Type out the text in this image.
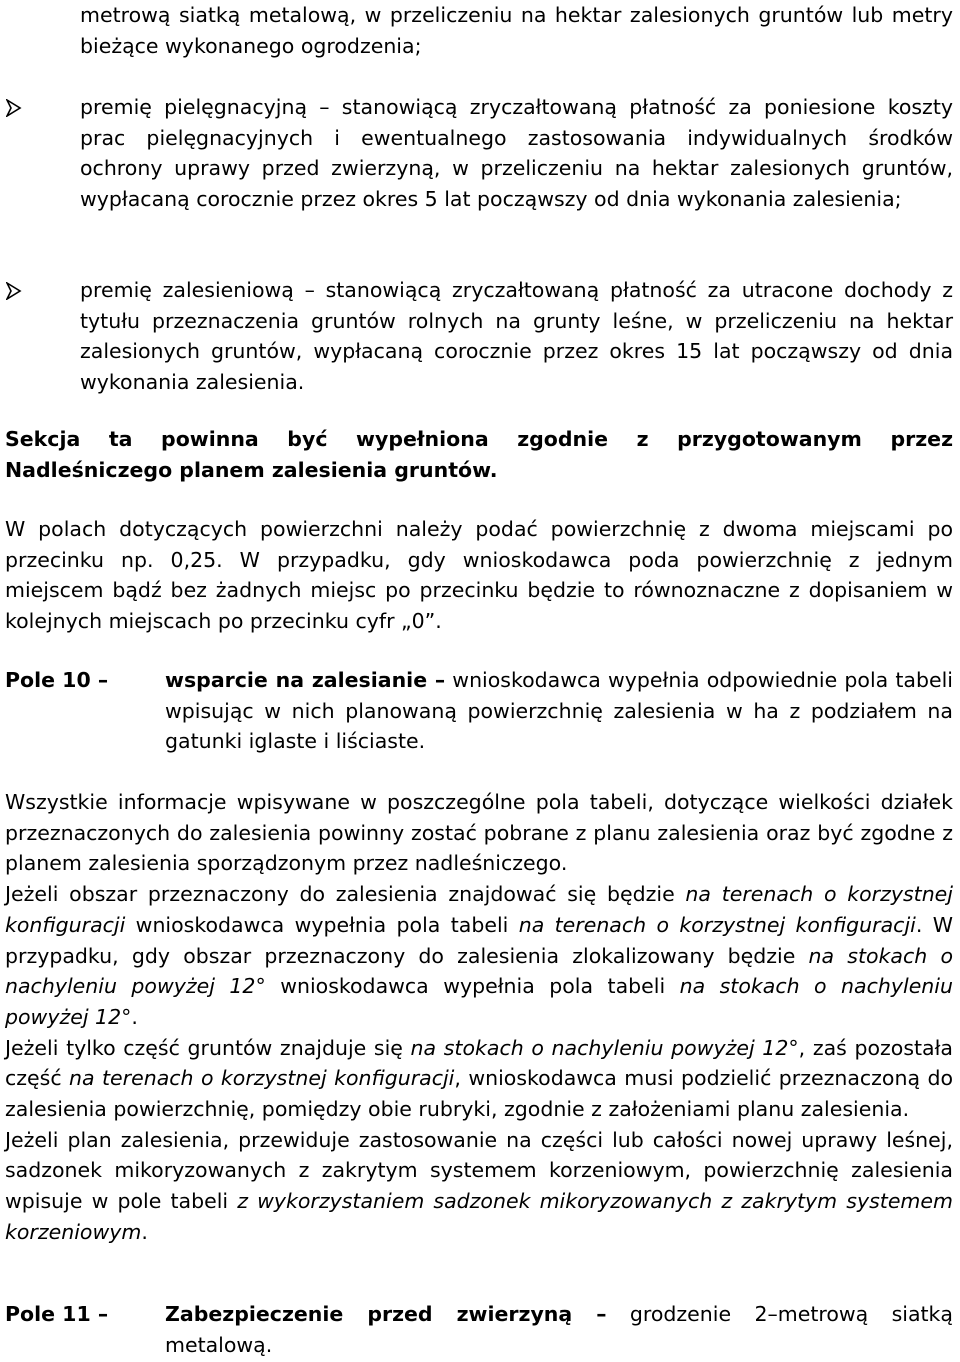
metrową siatką metalową, w przeliczeniu na hektar zalesionych gruntów lub metry bieżące wykonanego ogrodzenia;

premię pielęgnacyjną – stanowiącą zryczałtowaną płatność za poniesione koszty prac pielęgnacyjnych i ewentualnego zastosowania indywidualnych środków ochrony uprawy przed zwierzyną, w przeliczeniu na hektar zalesionych gruntów, wypłacaną corocznie przez okres 5 lat począwszy od dnia wykonania zalesienia;

premię zalesieniową – stanowiącą zryczałtowaną płatność za utracone dochody z tytułu przeznaczenia gruntów rolnych na grunty leśne, w przeliczeniu na hektar zalesionych gruntów, wypłacaną corocznie przez okres 15 lat począwszy od dnia wykonania zalesienia.

Sekcja ta powinna być wypełniona zgodnie z przygotowanym przez Nadleśniczego planem zalesienia gruntów.

W polach dotyczących powierzchni należy podać powierzchnię z dwoma miejscami po przecinku np. 0,25. W przypadku, gdy wnioskodawca poda powierzchnię z jednym miejscem bądź bez żadnych miejsc po przecinku będzie to równoznaczne z dopisaniem w kolejnych miejscach po przecinku cyfr „0”.

Pole 10 –	wsparcie na zalesianie – wnioskodawca wypełnia odpowiednie pola tabeli wpisując w nich planowaną powierzchnię zalesienia w ha z podziałem na gatunki iglaste i liściaste.

Wszystkie informacje wpisywane w poszczególne pola tabeli, dotyczące wielkości działek przeznaczonych do zalesienia powinny zostać pobrane z planu zalesienia oraz być zgodne z planem zalesienia sporządzonym przez nadleśniczego.

Jeżeli obszar przeznaczony do zalesienia znajdować się będzie na terenach o korzystnej konfiguracji wnioskodawca wypełnia pola tabeli na terenach o korzystnej konfiguracji. W przypadku, gdy obszar przeznaczony do zalesienia zlokalizowany będzie na stokach o nachyleniu powyżej 12° wnioskodawca wypełnia pola tabeli na stokach o nachyleniu powyżej 12°.

Jeżeli tylko część gruntów znajduje się na stokach o nachyleniu powyżej 12°, zaś pozostała część na terenach o korzystnej konfiguracji, wnioskodawca musi podzielić przeznaczoną do zalesienia powierzchnię, pomiędzy obie rubryki, zgodnie z założeniami planu zalesienia.

Jeżeli plan zalesienia, przewiduje zastosowanie na części lub całości nowej uprawy leśnej, sadzonek mikoryzowanych z zakrytym systemem korzeniowym, powierzchnię zalesienia wpisuje w pole tabeli z wykorzystaniem sadzonek mikoryzowanych z zakrytym systemem korzeniowym.

Pole 11 –	Zabezpieczenie przed zwierzyną – grodzenie 2–metrową siatką metalową.
